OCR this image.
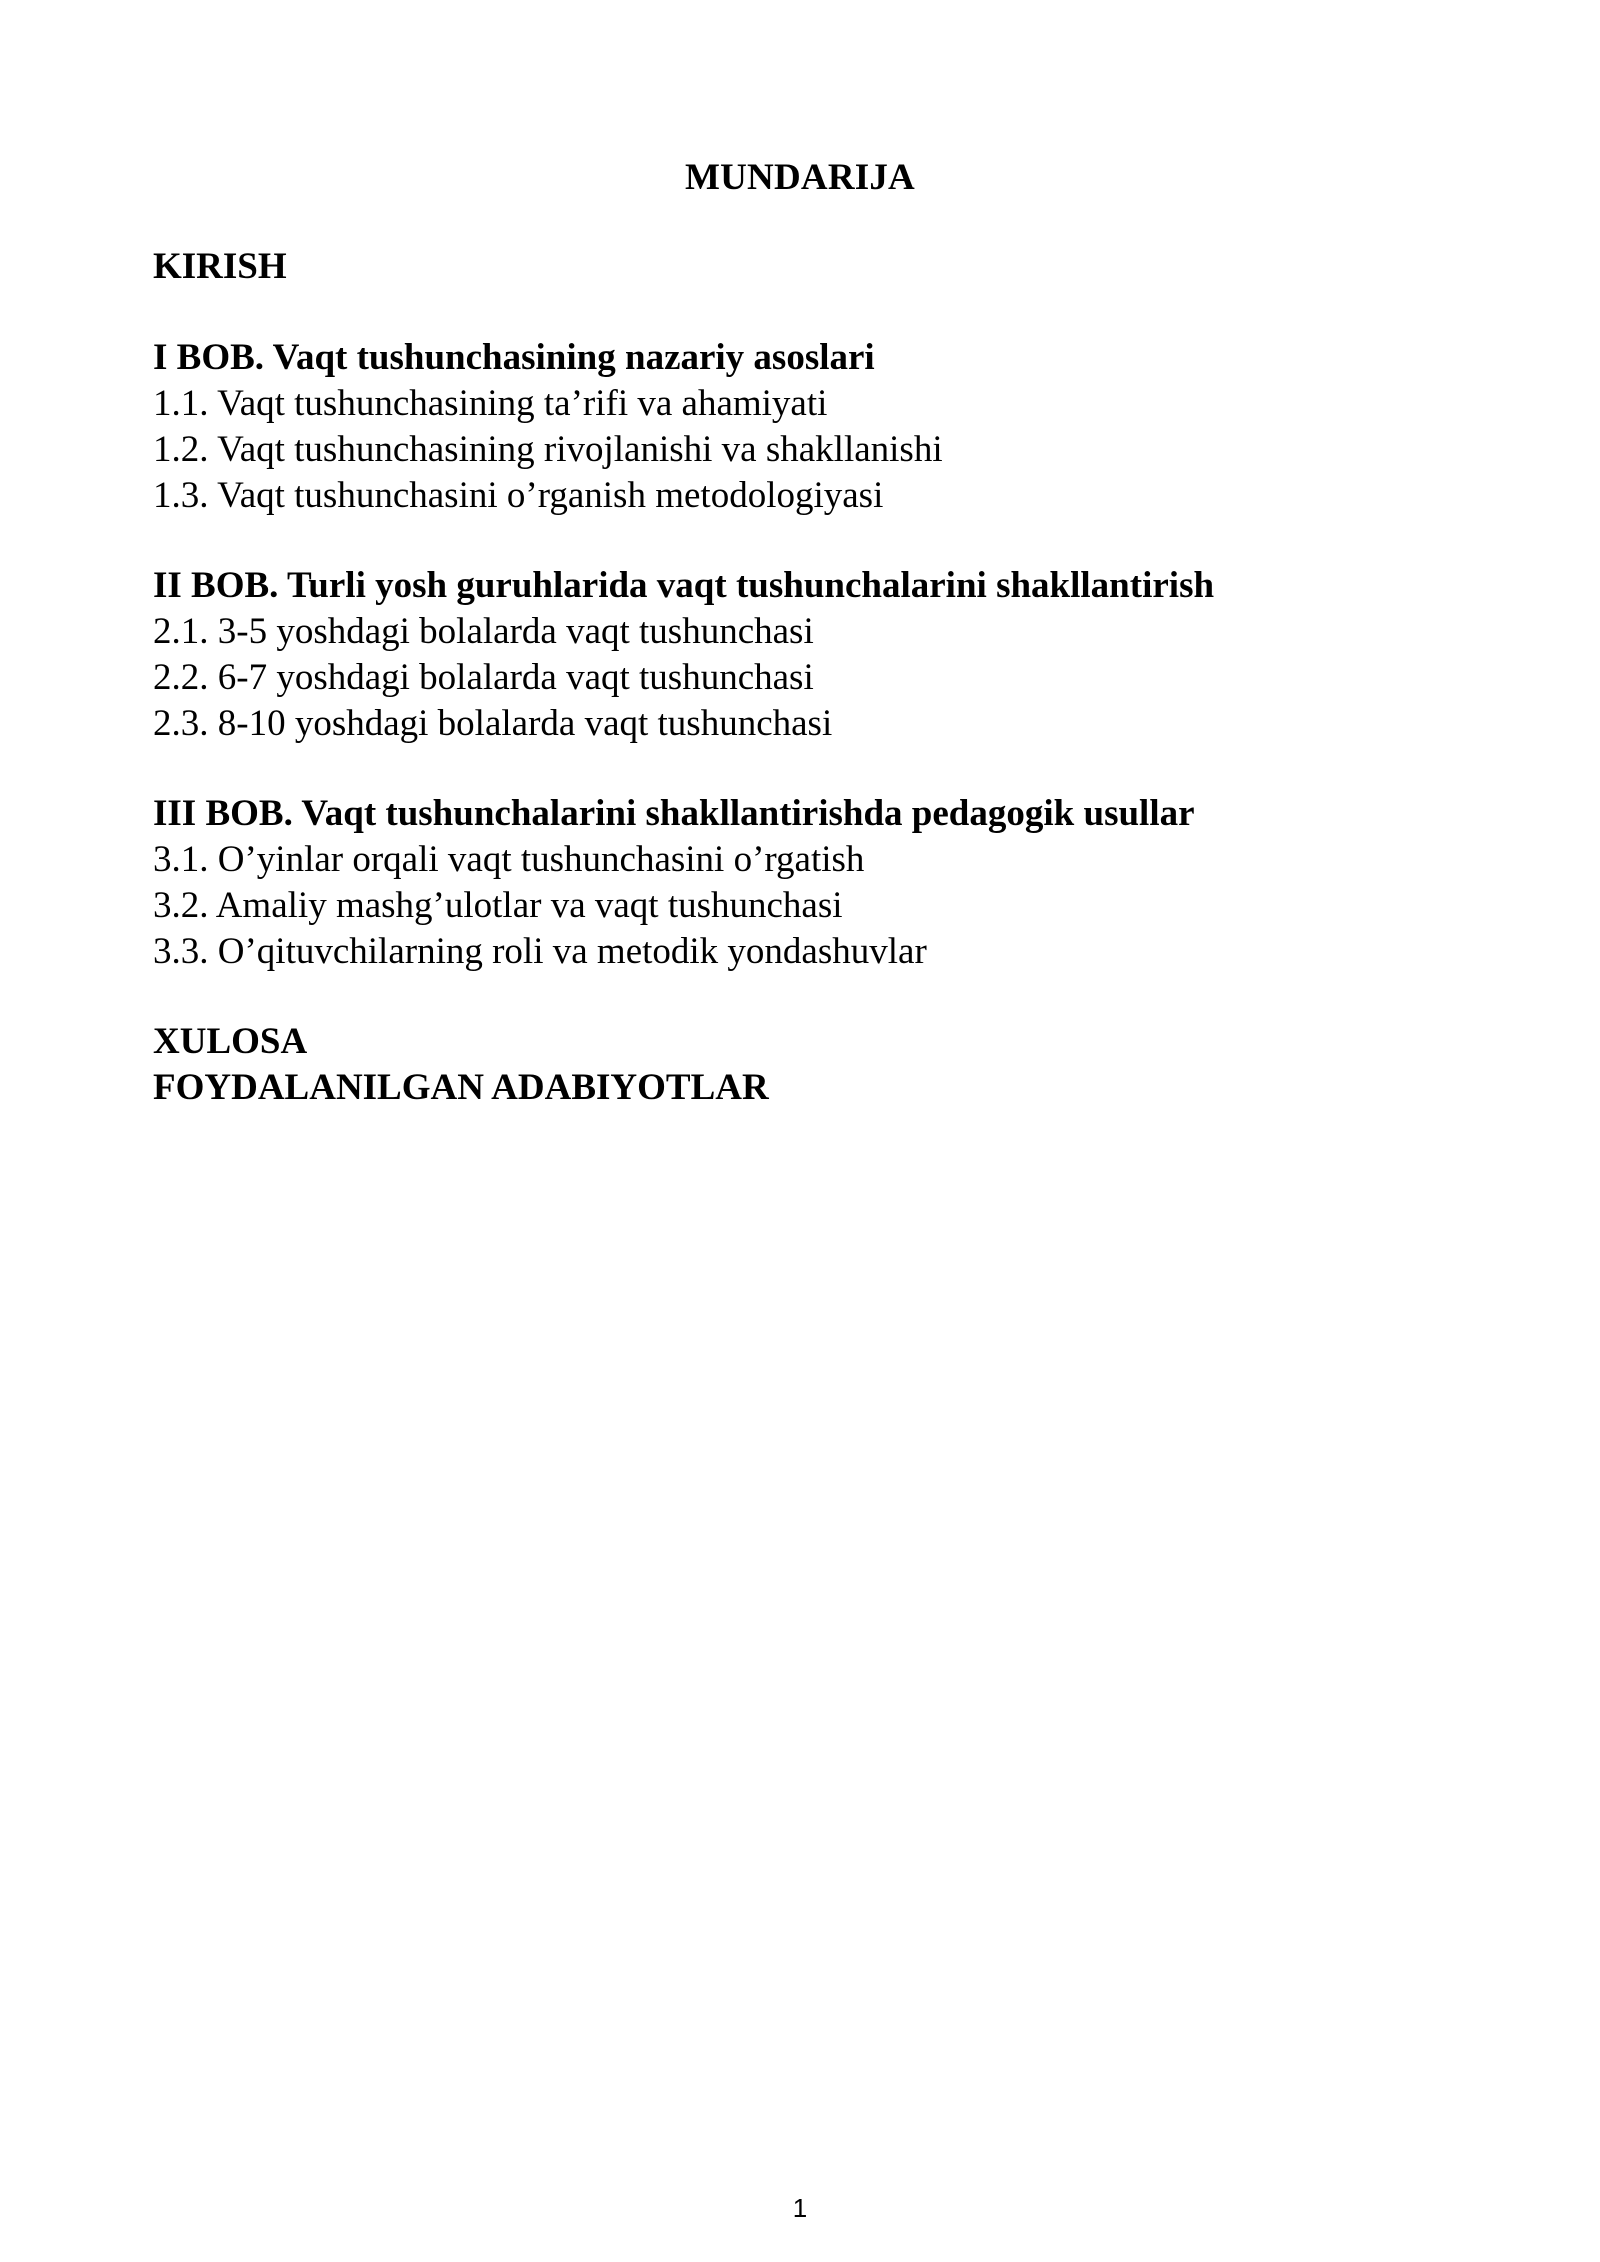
MUNDARIJA

KIRISH

I BOB. Vaqt tushunchasining nazariy asoslari

1.1. Vaqt tushunchasining ta’rifi va ahamiyati

1.2. Vaqt tushunchasining rivojlanishi va shakllanishi

1.3. Vaqt tushunchasini o’rganish metodologiyasi

II BOB. Turli yosh guruhlarida vaqt tushunchalarini shakllantirish

2.1. 3-5 yoshdagi bolalarda vaqt tushunchasi

2.2. 6-7 yoshdagi bolalarda vaqt tushunchasi

2.3. 8-10 yoshdagi bolalarda vaqt tushunchasi

III BOB. Vaqt tushunchalarini shakllantirishda pedagogik usullar

3.1. O’yinlar orqali vaqt tushunchasini o’rgatish

3.2. Amaliy mashg’ulotlar va vaqt tushunchasi

3.3. O’qituvchilarning roli va metodik yondashuvlar

XULOSA

FOYDALANILGAN ADABIYOTLAR

1
